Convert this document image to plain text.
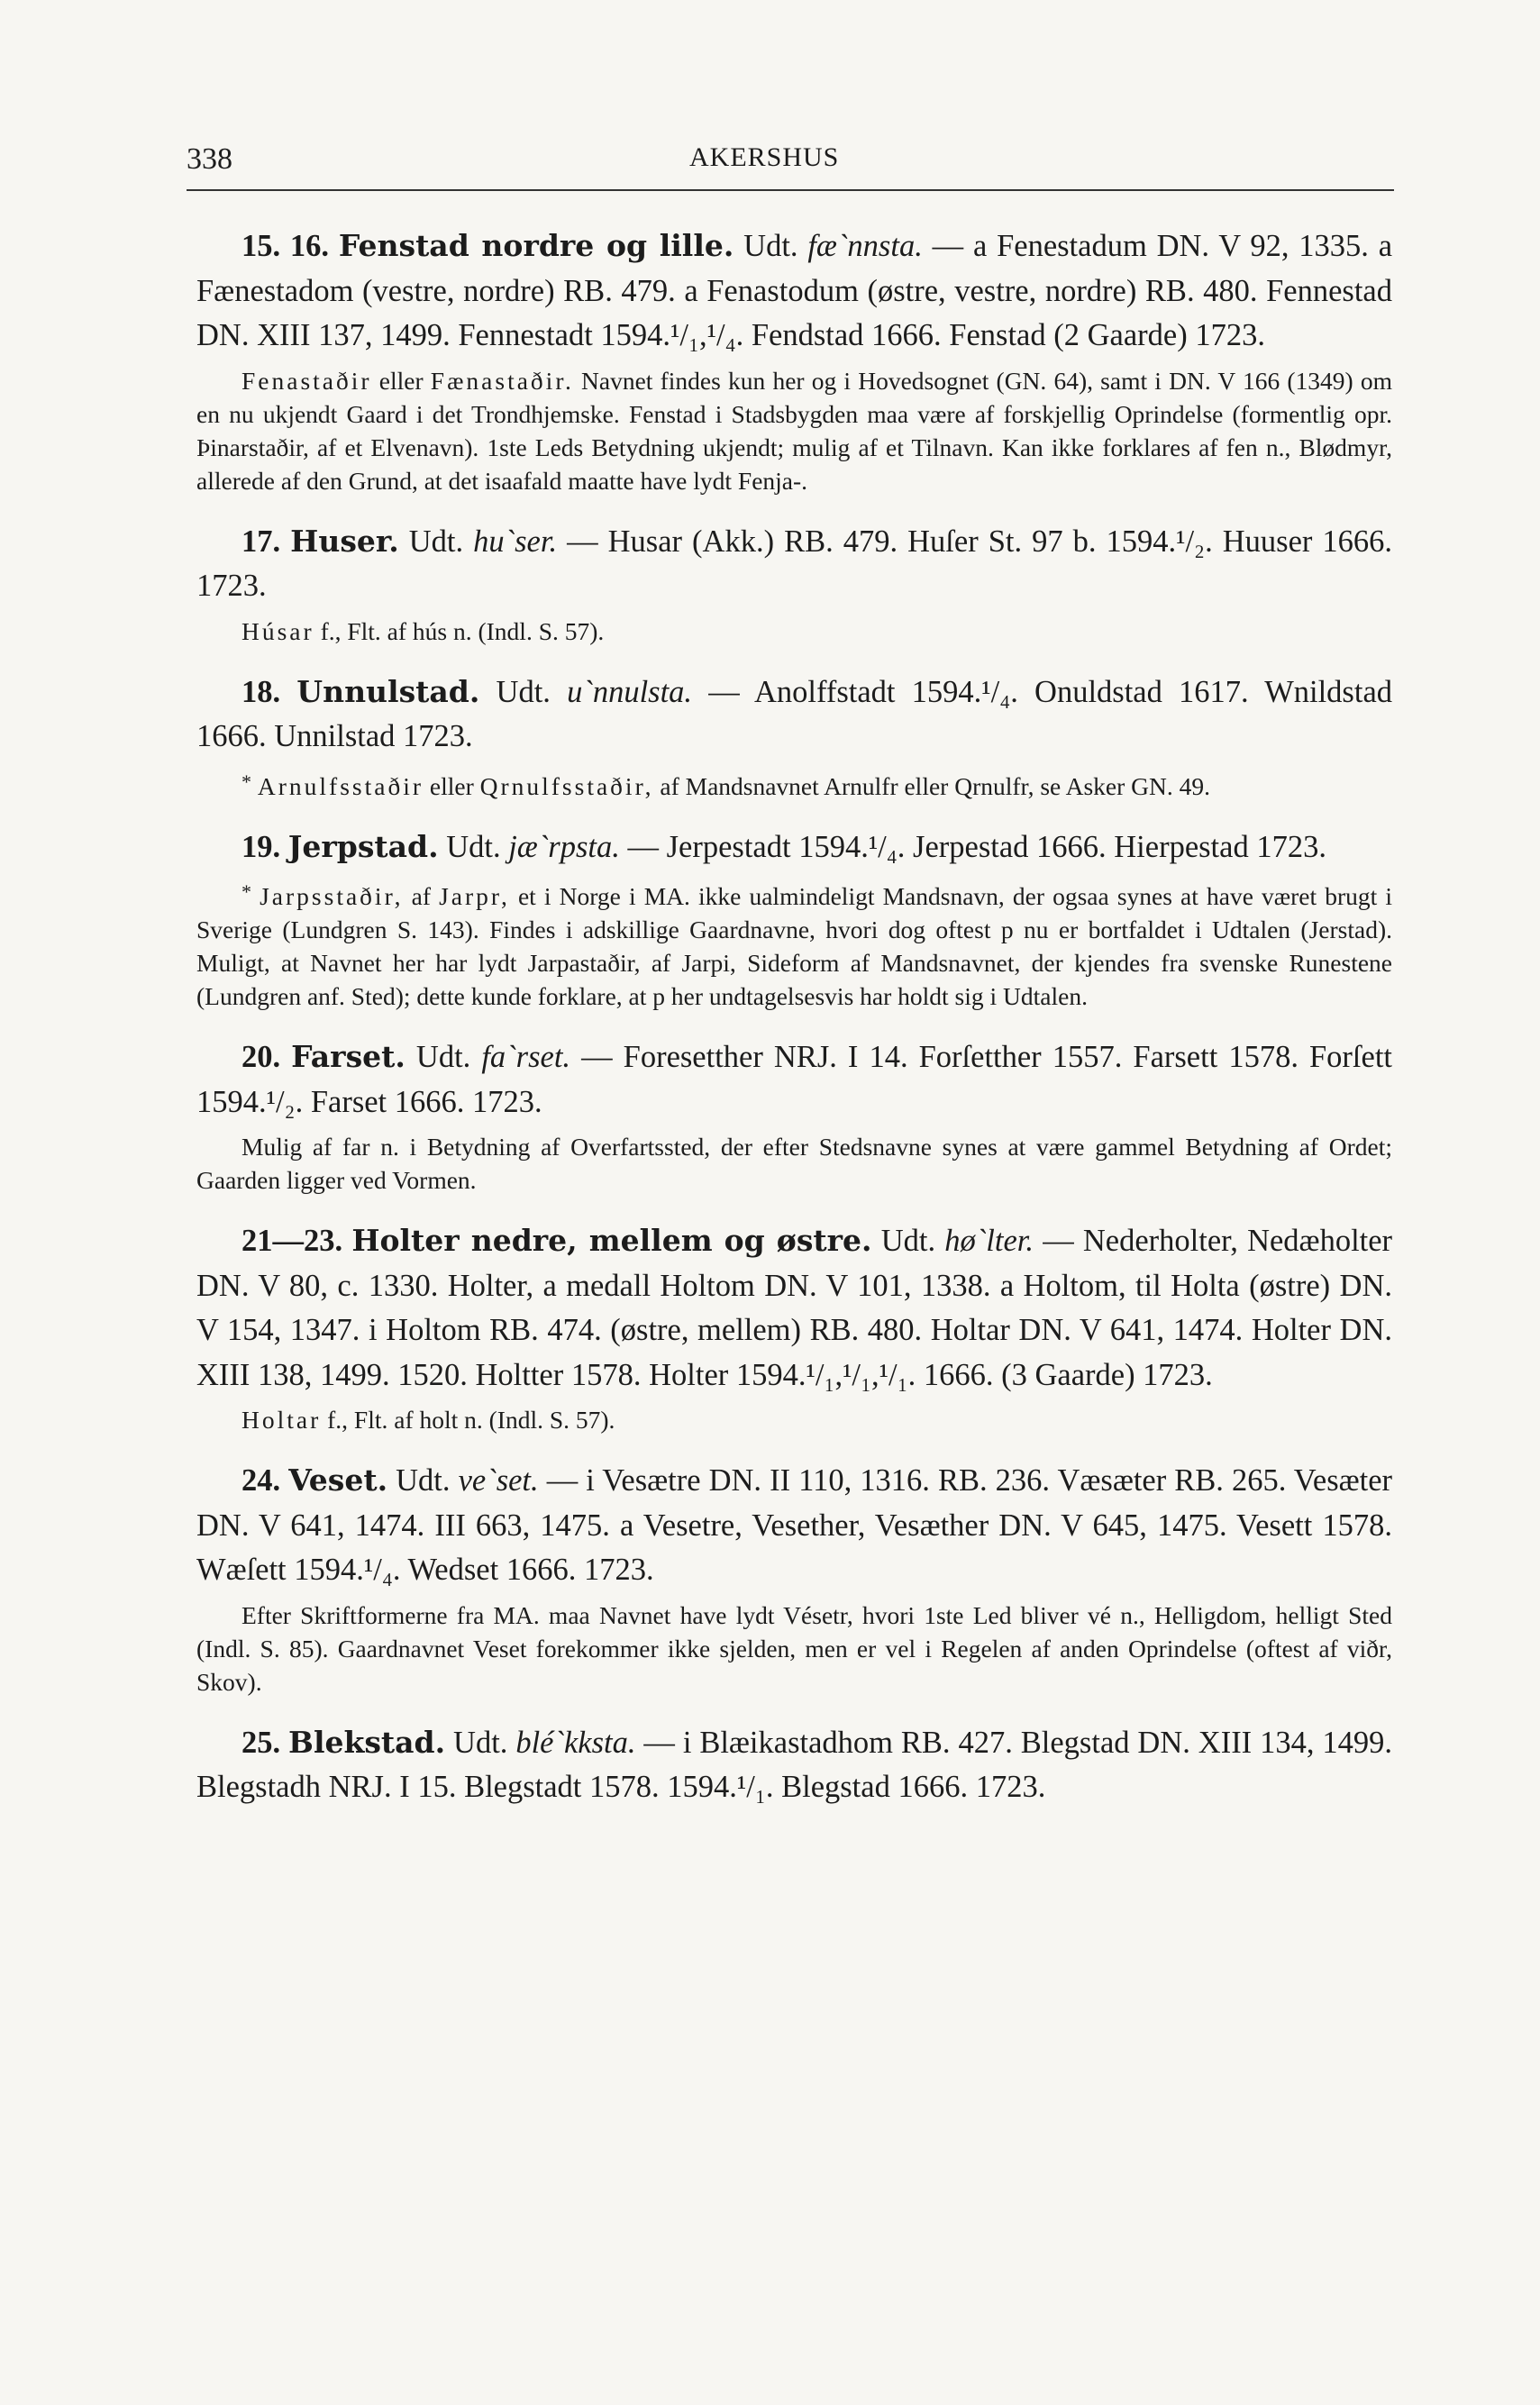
338	AKERSHUS

15. 16. Fenstad nordre og lille. Udt. fæ`nnsta. — a Fenestadum DN. V 92, 1335. a Fænestadom (vestre, nordre) RB. 479. a Fenastodum (østre, vestre, nordre) RB. 480. Fennestad DN. XIII 137, 1499. Fennestadt 1594.¹/₁,¹/₄. Fendstad 1666. Fenstad (2 Gaarde) 1723.

Fenastaðir eller Fænastaðir. Navnet findes kun her og i Hovedsognet (GN. 64), samt i DN. V 166 (1349) om en nu ukjendt Gaard i det Trondhjemske. Fenstad i Stadsbygden maa være af forskjellig Oprindelse (formentlig opr. Þinarstaðir, af et Elvenavn). 1ste Leds Betydning ukjendt; mulig af et Tilnavn. Kan ikke forklares af fen n., Blødmyr, allerede af den Grund, at det isaafald maatte have lydt Fenja-.

17. Huser. Udt. hu`ser. — Husar (Akk.) RB. 479. Huſer St. 97 b. 1594.¹/₂. Huuser 1666. 1723.

Húsar f., Flt. af hús n. (Indl. S. 57).

18. Unnulstad. Udt. u`nnulsta. — Anolffstadt 1594.¹/₄. Onuldstad 1617. Wnildstad 1666. Unnilstad 1723.

* Arnulfsstaðir eller Qrnulfsstaðir, af Mandsnavnet Arnulfr eller Qrnulfr, se Asker GN. 49.

19. Jerpstad. Udt. jæ`rpsta. — Jerpestadt 1594.¹/₄. Jerpestad 1666. Hierpestad 1723.

* Jarpsstaðir, af Jarpr, et i Norge i MA. ikke ualmindeligt Mandsnavn, der ogsaa synes at have været brugt i Sverige (Lundgren S. 143). Findes i adskillige Gaardnavne, hvori dog oftest p nu er bortfaldet i Udtalen (Jerstad). Muligt, at Navnet her har lydt Jarpastaðir, af Jarpi, Sideform af Mandsnavnet, der kjendes fra svenske Runestene (Lundgren anf. Sted); dette kunde forklare, at p her undtagelsesvis har holdt sig i Udtalen.

20. Farset. Udt. fa`rset. — Foresetther NRJ. I 14. Forſetther 1557. Farsett 1578. Forſett 1594.¹/₂. Farset 1666. 1723.

Mulig af far n. i Betydning af Overfartssted, der efter Stedsnavne synes at være gammel Betydning af Ordet; Gaarden ligger ved Vormen.

21—23. Holter nedre, mellem og østre. Udt. hø`lter. — Nederholter, Nedæholter DN. V 80, c. 1330. Holter, a medall Holtom DN. V 101, 1338. a Holtom, til Holta (østre) DN. V 154, 1347. i Holtom RB. 474. (østre, mellem) RB. 480. Holtar DN. V 641, 1474. Holter DN. XIII 138, 1499. 1520. Holtter 1578. Holter 1594.¹/₁,¹/₁,¹/₁. 1666. (3 Gaarde) 1723.

Holtar f., Flt. af holt n. (Indl. S. 57).

24. Veset. Udt. ve`set. — i Vesætre DN. II 110, 1316. RB. 236. Væsæter RB. 265. Vesæter DN. V 641, 1474. III 663, 1475. a Vesetre, Vesether, Vesæther DN. V 645, 1475. Vesett 1578. Wæſett 1594.¹/₄. Wedset 1666. 1723.

Efter Skriftformerne fra MA. maa Navnet have lydt Vésetr, hvori 1ste Led bliver vé n., Helligdom, helligt Sted (Indl. S. 85). Gaardnavnet Veset forekommer ikke sjelden, men er vel i Regelen af anden Oprindelse (oftest af viðr, Skov).

25. Blekstad. Udt. blé`kksta. — i Blæikastadhom RB. 427. Blegstad DN. XIII 134, 1499. Blegstadh NRJ. I 15. Blegstadt 1578. 1594.¹/₁. Blegstad 1666. 1723.
